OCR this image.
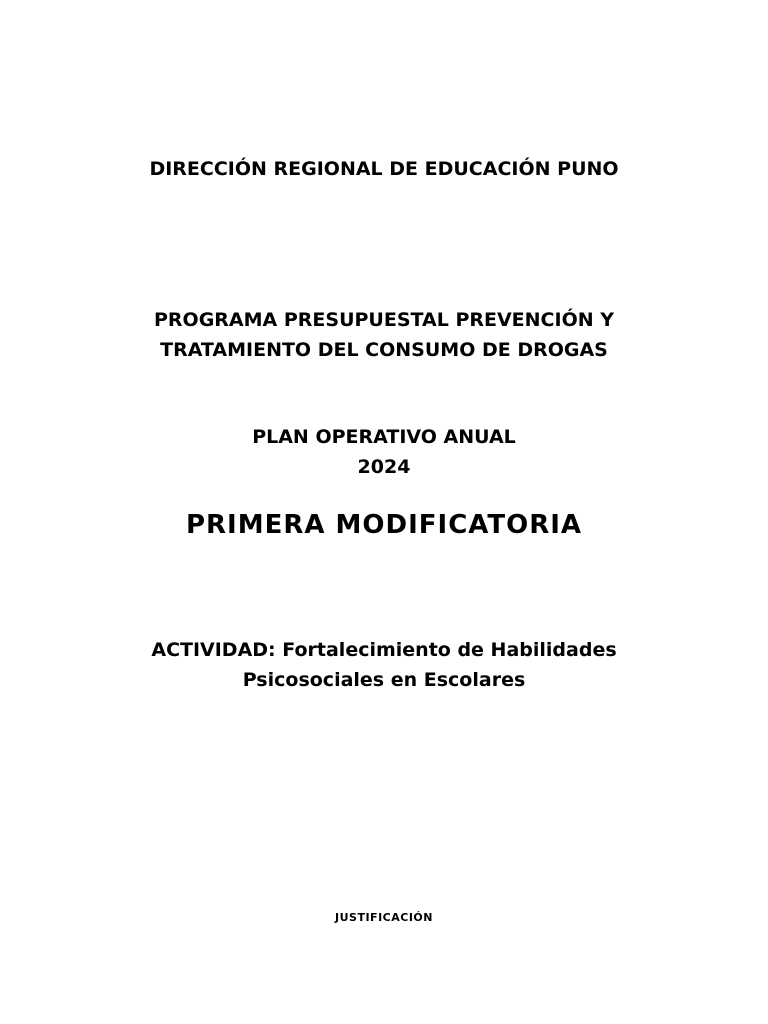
DIRECCIÓN REGIONAL DE EDUCACIÓN PUNO
PROGRAMA PRESUPUESTAL PREVENCIÓN Y
TRATAMIENTO DEL CONSUMO DE DROGAS
PLAN OPERATIVO ANUAL
2024
PRIMERA MODIFICATORIA
ACTIVIDAD: Fortalecimiento de Habilidades
Psicosociales en Escolares
JUSTIFICACIÓN
